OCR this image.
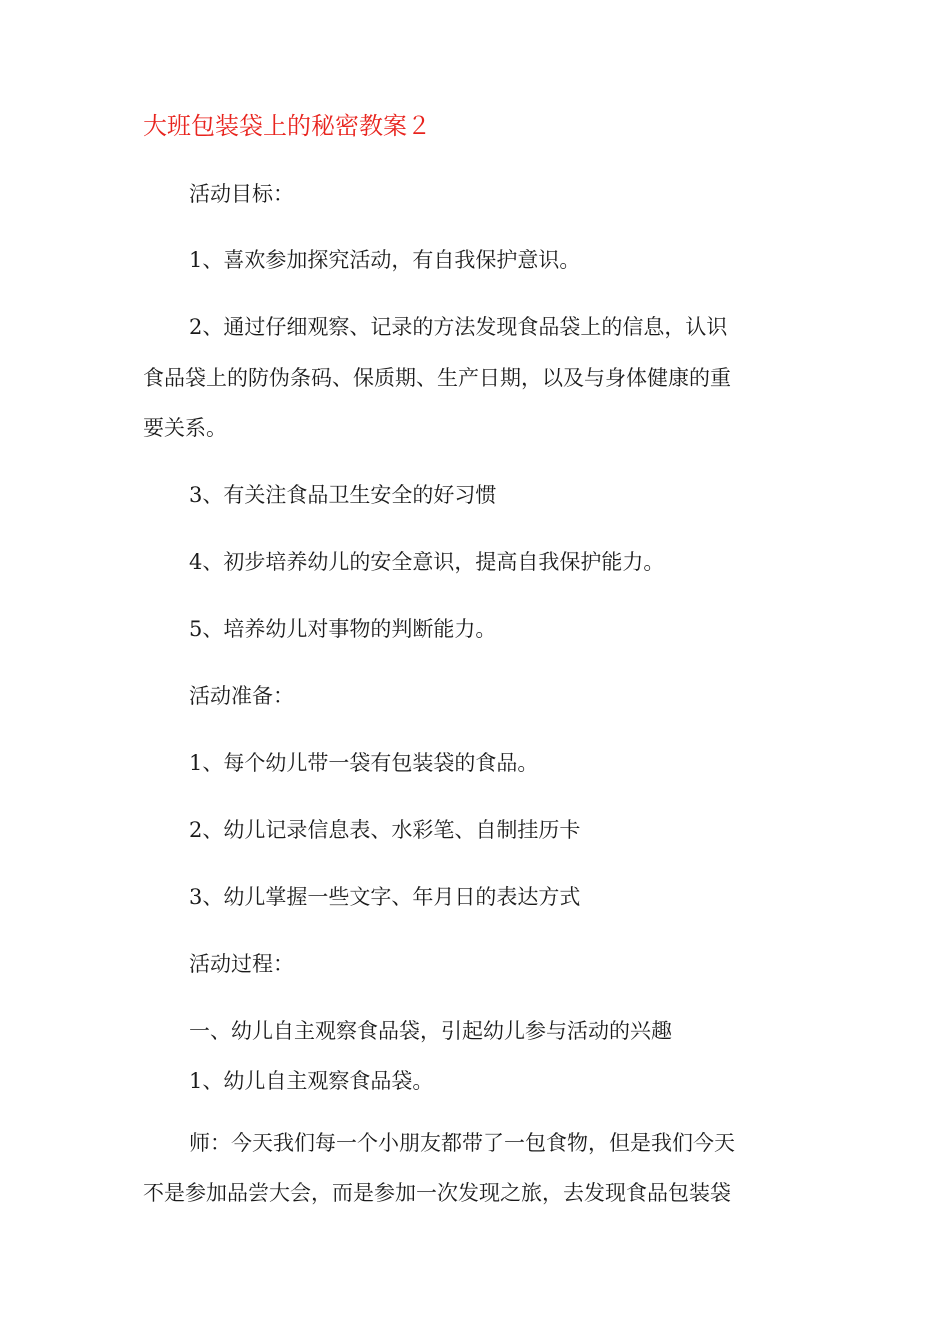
大班包装袋上的秘密教案２

活动目标：

1、喜欢参加探究活动，有自我保护意识。

2、通过仔细观察、记录的方法发现食品袋上的信息，认识

食品袋上的防伪条码、保质期、生产日期，以及与身体健康的重

要关系。

3、有关注食品卫生安全的好习惯

4、初步培养幼儿的安全意识，提高自我保护能力。

5、培养幼儿对事物的判断能力。

活动准备：

1、每个幼儿带一袋有包装袋的食品。

2、幼儿记录信息表、水彩笔、自制挂历卡

3、幼儿掌握一些文字、年月日的表达方式

活动过程：

一、幼儿自主观察食品袋，引起幼儿参与活动的兴趣

1、幼儿自主观察食品袋。

师：今天我们每一个小朋友都带了一包食物，但是我们今天

不是参加品尝大会，而是参加一次发现之旅，去发现食品包装袋
